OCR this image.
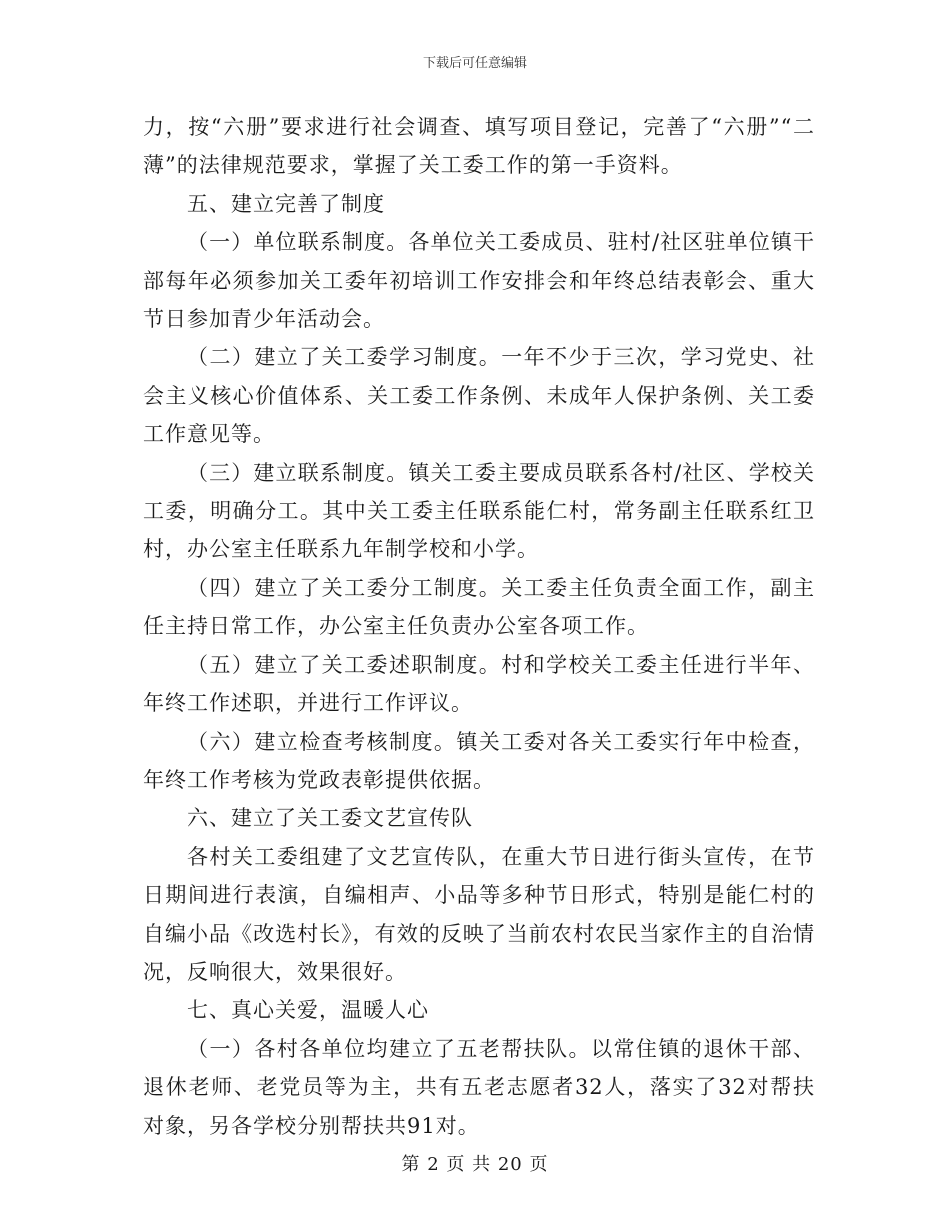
下载后可任意编辑

力，按“六册”要求进行社会调查、填写项目登记，完善了“六册”“二薄”的法律规范要求，掌握了关工委工作的第一手资料。

五、建立完善了制度

（一）单位联系制度。各单位关工委成员、驻村/社区驻单位镇干部每年必须参加关工委年初培训工作安排会和年终总结表彰会、重大节日参加青少年活动会。

（二）建立了关工委学习制度。一年不少于三次，学习党史、社会主义核心价值体系、关工委工作条例、未成年人保护条例、关工委工作意见等。

（三）建立联系制度。镇关工委主要成员联系各村/社区、学校关工委，明确分工。其中关工委主任联系能仁村，常务副主任联系红卫村，办公室主任联系九年制学校和小学。

（四）建立了关工委分工制度。关工委主任负责全面工作，副主任主持日常工作，办公室主任负责办公室各项工作。

（五）建立了关工委述职制度。村和学校关工委主任进行半年、年终工作述职，并进行工作评议。

（六）建立检查考核制度。镇关工委对各关工委实行年中检查，年终工作考核为党政表彰提供依据。

六、建立了关工委文艺宣传队

各村关工委组建了文艺宣传队，在重大节日进行街头宣传，在节日期间进行表演，自编相声、小品等多种节日形式，特别是能仁村的自编小品《改选村长》，有效的反映了当前农村农民当家作主的自治情况，反响很大，效果很好。

七、真心关爱，温暖人心

（一）各村各单位均建立了五老帮扶队。以常住镇的退休干部、退休老师、老党员等为主，共有五老志愿者32人，落实了32对帮扶对象，另各学校分别帮扶共91对。

第 2 页 共 20 页
